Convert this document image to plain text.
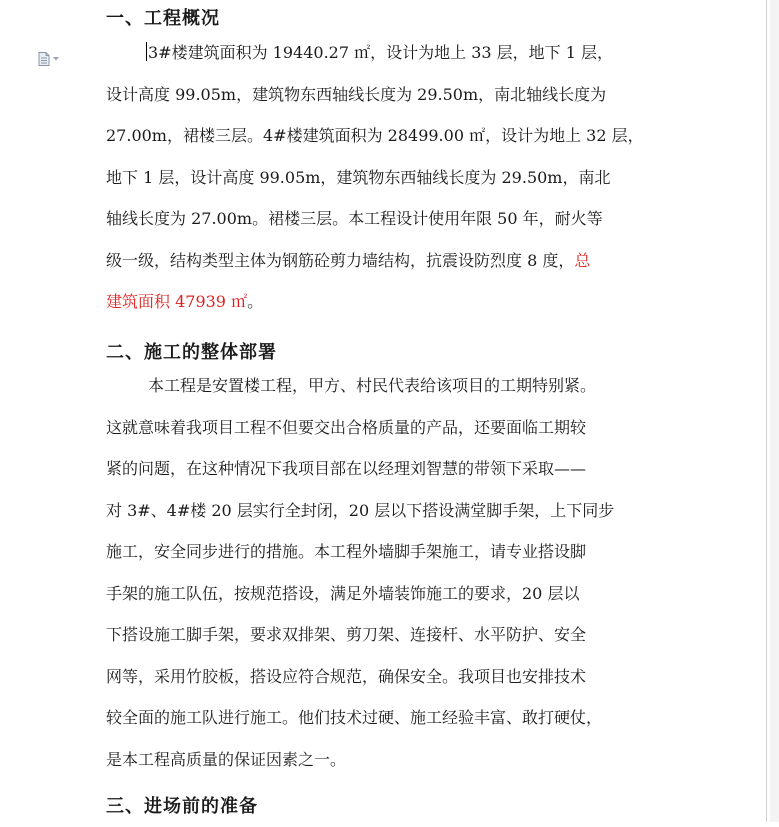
一、工程概况
3#楼建筑面积为 19440.27 ㎡，设计为地上 33 层，地下 1 层，
设计高度 99.05m，建筑物东西轴线长度为 29.50m，南北轴线长度为
27.00m，裙楼三层。4#楼建筑面积为 28499.00 ㎡，设计为地上 32 层，
地下 1 层，设计高度 99.05m，建筑物东西轴线长度为 29.50m，南北
轴线长度为 27.00m。裙楼三层。本工程设计使用年限 50 年，耐火等
级一级，结构类型主体为钢筋砼剪力墙结构，抗震设防烈度 8 度，总
建筑面积 47939 ㎡。
二、施工的整体部署
本工程是安置楼工程，甲方、村民代表给该项目的工期特别紧。
这就意味着我项目工程不但要交出合格质量的产品，还要面临工期较
紧的问题，在这种情况下我项目部在以经理刘智慧的带领下采取——
对 3#、4#楼 20 层实行全封闭，20 层以下搭设满堂脚手架，上下同步
施工，安全同步进行的措施。本工程外墙脚手架施工，请专业搭设脚
手架的施工队伍，按规范搭设，满足外墙装饰施工的要求，20 层以
下搭设施工脚手架，要求双排架、剪刀架、连接杆、水平防护、安全
网等，采用竹胶板，搭设应符合规范，确保安全。我项目也安排技术
较全面的施工队进行施工。他们技术过硬、施工经验丰富、敢打硬仗，
是本工程高质量的保证因素之一。
三、进场前的准备
